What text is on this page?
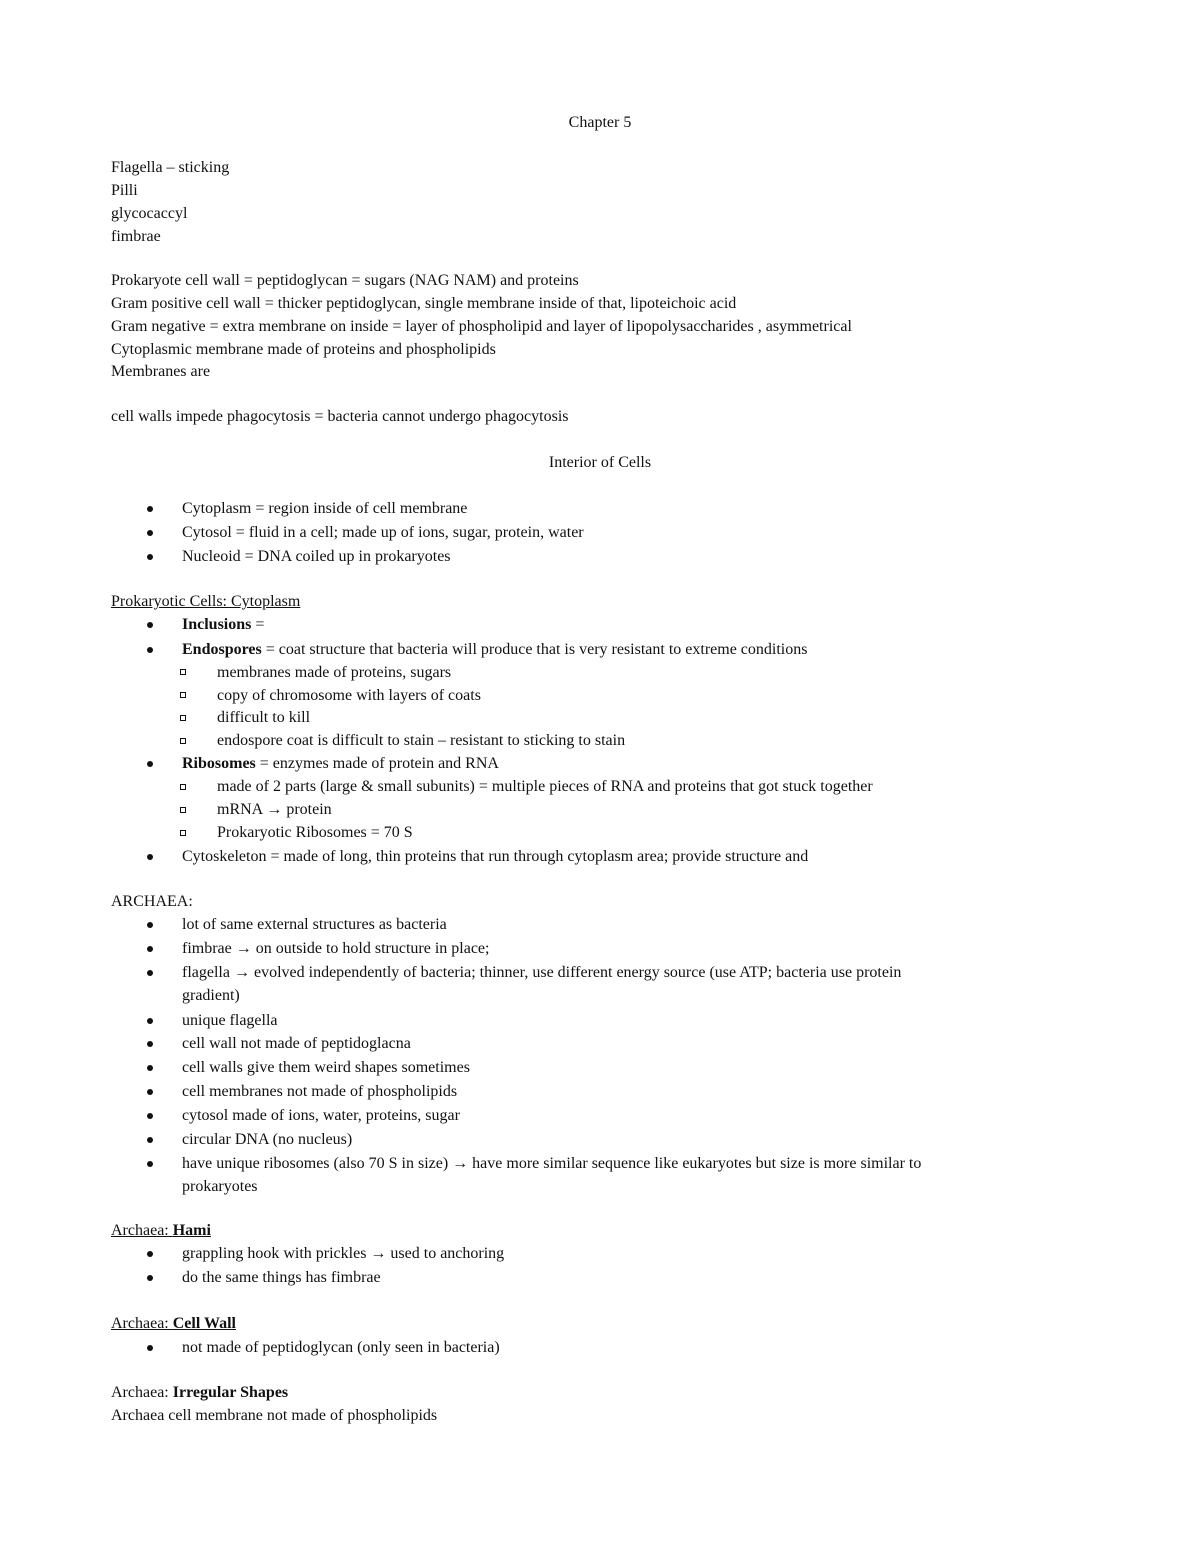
Chapter 5
Flagella – sticking
Pilli
glycocaccyl
fimbrae
Prokaryote cell wall = peptidoglycan = sugars (NAG NAM) and proteins
Gram positive cell wall = thicker peptidoglycan, single membrane inside of that, lipoteichoic acid
Gram negative = extra membrane on inside = layer of phospholipid and layer of lipopolysaccharides , asymmetrical
Cytoplasmic membrane made of proteins and phospholipids
Membranes are
cell walls impede phagocytosis = bacteria cannot undergo phagocytosis
Interior of Cells
Cytoplasm = region inside of cell membrane
Cytosol = fluid in a cell; made up of ions, sugar, protein, water
Nucleoid = DNA coiled up in prokaryotes
Prokaryotic Cells: Cytoplasm
Inclusions =
Endospores = coat structure that bacteria will produce that is very resistant to extreme conditions
membranes made of proteins, sugars
copy of chromosome with layers of coats
difficult to kill
endospore coat is difficult to stain – resistant to sticking to stain
Ribosomes = enzymes made of protein and RNA
made of 2 parts (large & small subunits) = multiple pieces of RNA and proteins that got stuck together
mRNA → protein
Prokaryotic Ribosomes = 70 S
Cytoskeleton = made of long, thin proteins that run through cytoplasm area; provide structure and
ARCHAEA:
lot of same external structures as bacteria
fimbrae → on outside to hold structure in place;
flagella → evolved independently of bacteria; thinner, use different energy source (use ATP; bacteria use protein
gradient)
unique flagella
cell wall not made of peptidoglacna
cell walls give them weird shapes sometimes
cell membranes not made of phospholipids
cytosol made of ions, water, proteins, sugar
circular DNA (no nucleus)
have unique ribosomes (also 70 S in size) → have more similar sequence like eukaryotes but size is more similar to
prokaryotes
Archaea: Hami
grappling hook with prickles → used to anchoring
do the same things has fimbrae
Archaea: Cell Wall
not made of peptidoglycan (only seen in bacteria)
Archaea: Irregular Shapes
Archaea cell membrane not made of phospholipids
